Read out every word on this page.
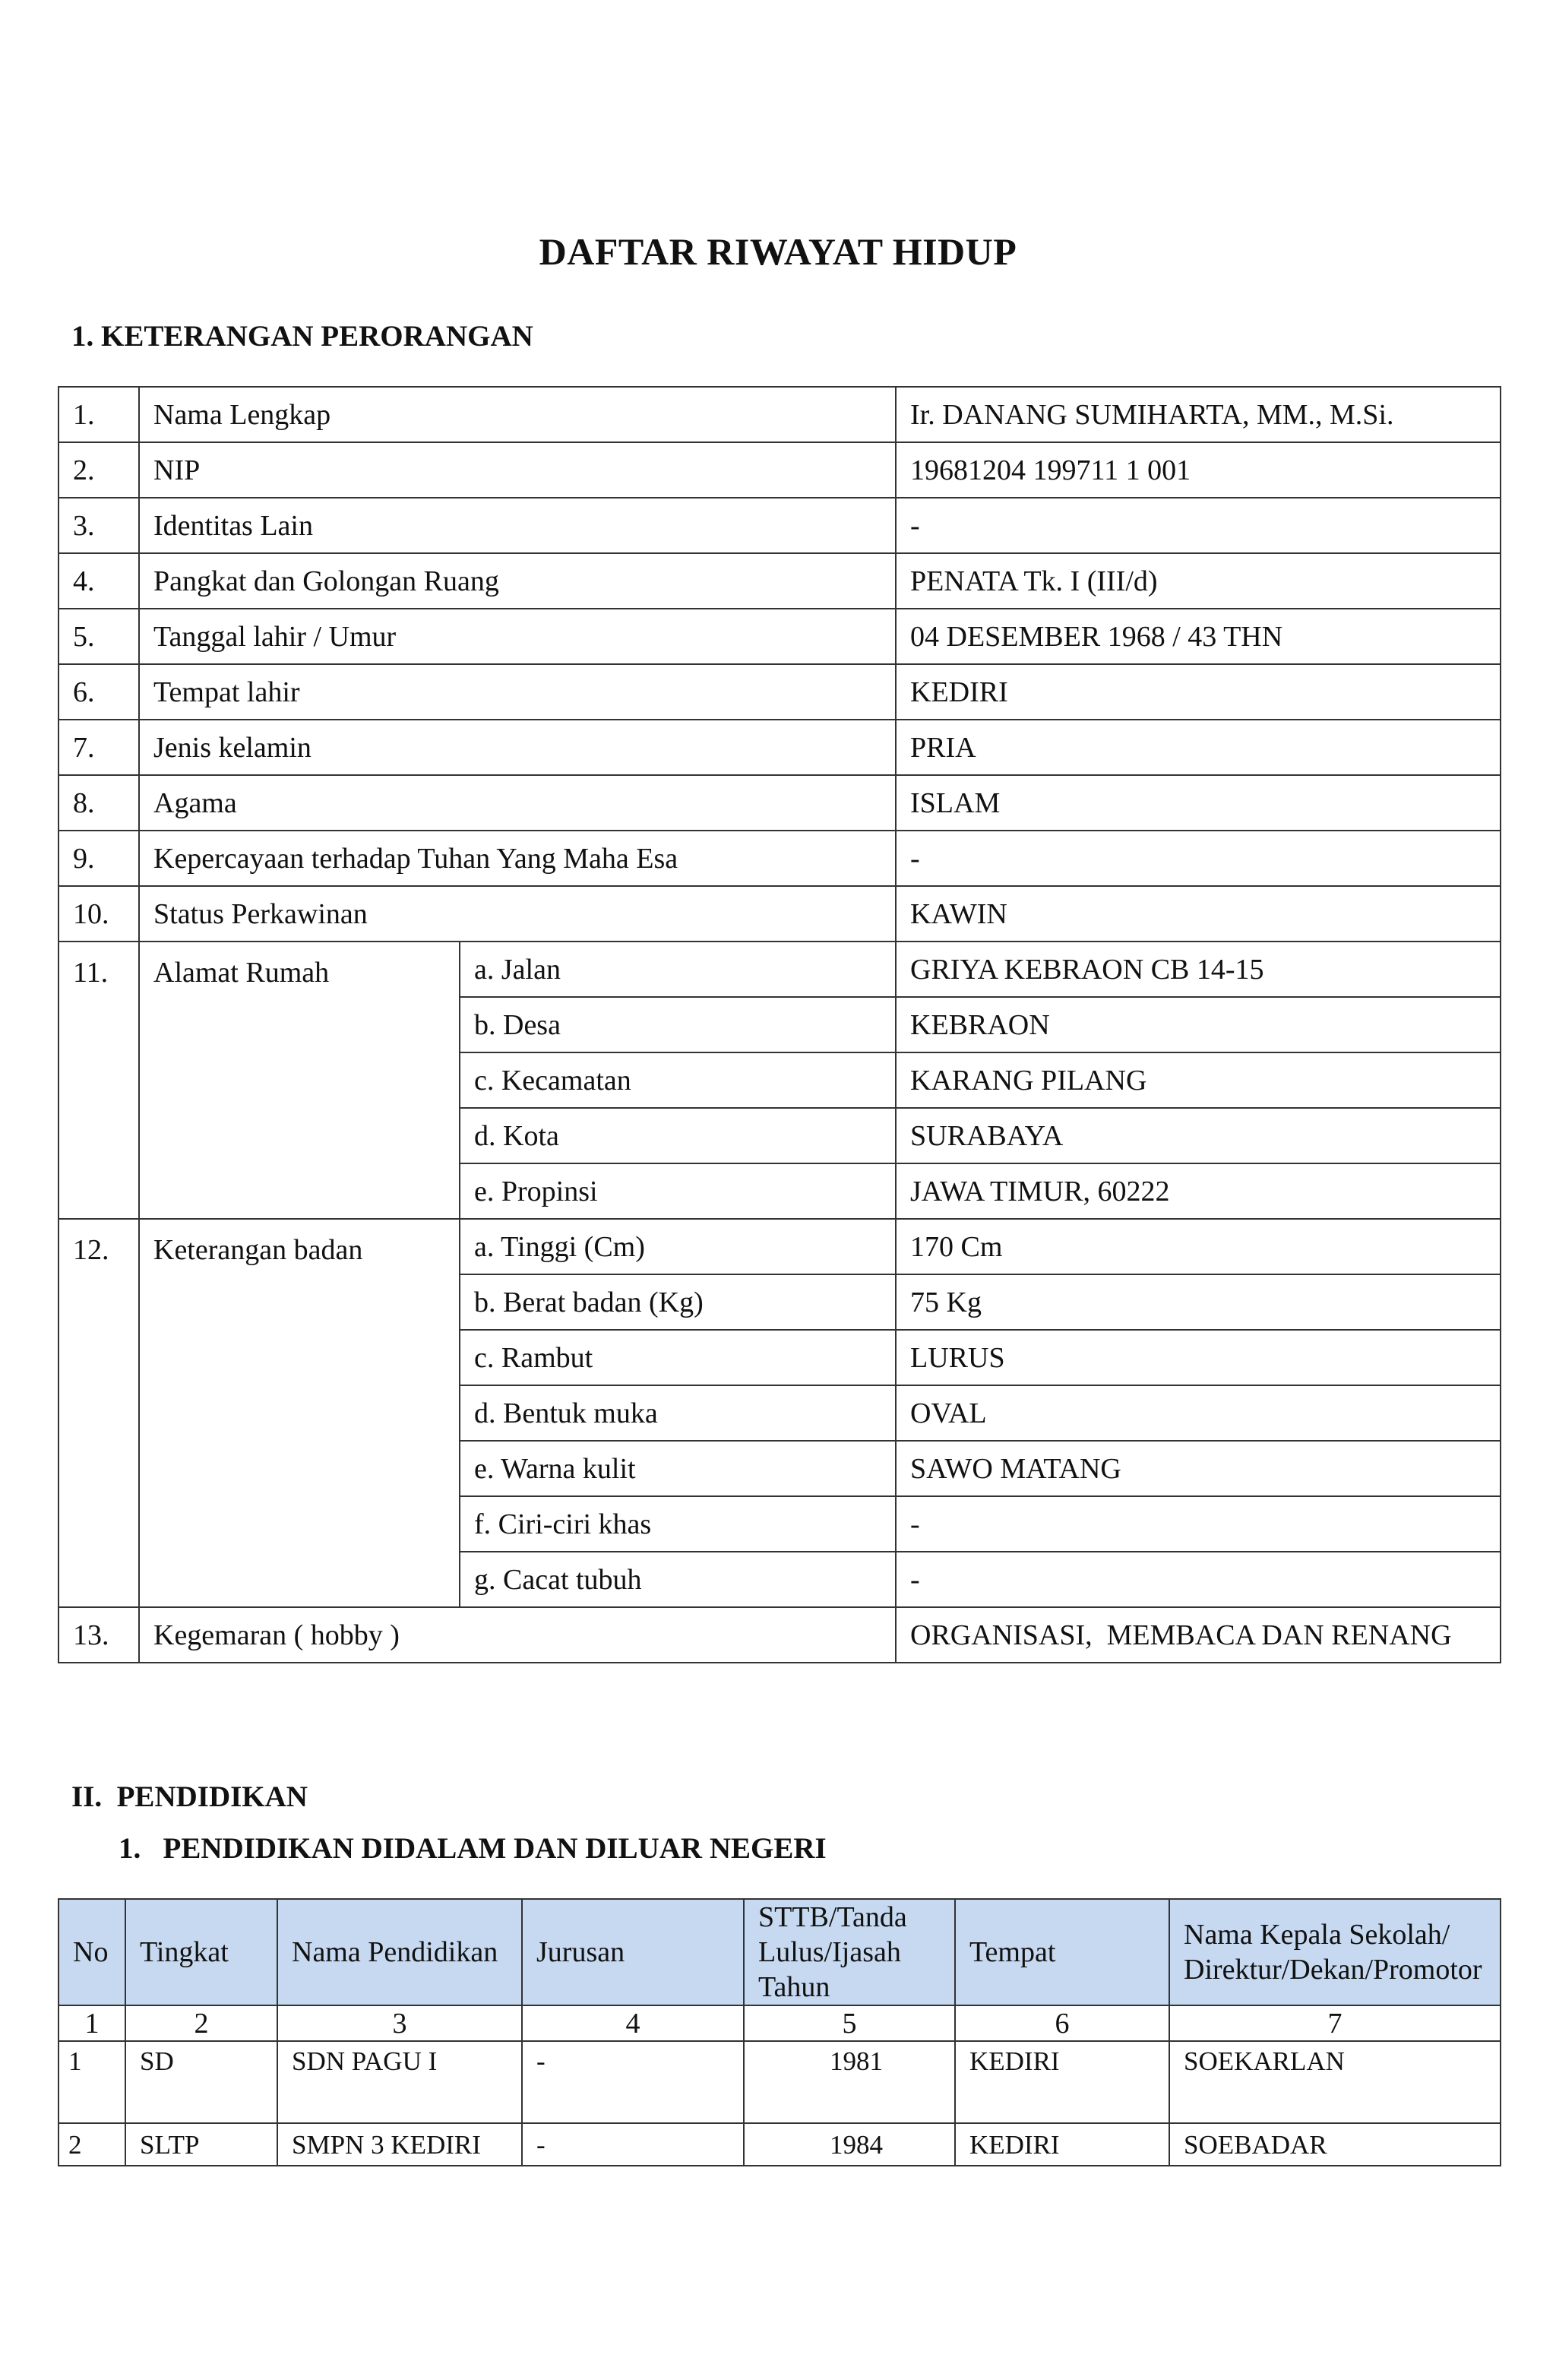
DAFTAR RIWAYAT HIDUP
1. KETERANGAN PERORANGAN
1.	Nama Lengkap		Ir. DANANG SUMIHARTA, MM., M.Si.
2.	NIP		19681204 199711 1 001
3.	Identitas Lain		-
4.	Pangkat dan Golongan Ruang		PENATA Tk. I (III/d)
5.	Tanggal lahir / Umur		04 DESEMBER 1968 / 43 THN
6.	Tempat lahir		KEDIRI
7.	Jenis kelamin		PRIA
8.	Agama		ISLAM
9.	Kepercayaan terhadap Tuhan Yang Maha Esa		-
10.	Status Perkawinan		KAWIN
11.	Alamat Rumah	a. Jalan	GRIYA KEBRAON CB 14-15
		b. Desa	KEBRAON
		c. Kecamatan	KARANG PILANG
		d. Kota	SURABAYA
		e. Propinsi	JAWA TIMUR, 60222
12.	Keterangan badan	a. Tinggi (Cm)	170 Cm
		b. Berat badan (Kg)	75 Kg
		c. Rambut	LURUS
		d. Bentuk muka	OVAL
		e. Warna kulit	SAWO MATANG
		f. Ciri-ciri khas	-
		g. Cacat tubuh	-
13.	Kegemaran ( hobby )		ORGANISASI,  MEMBACA DAN RENANG
II.  PENDIDIKAN
1.   PENDIDIKAN DIDALAM DAN DILUAR NEGERI
No	Tingkat	Nama Pendidikan	Jurusan	STTB/Tanda Lulus/Ijasah Tahun	Tempat	Nama Kepala Sekolah/ Direktur/Dekan/Promotor
1	2	3	4	5	6	7
1	SD	SDN PAGU I	-	1981	KEDIRI	SOEKARLAN
2	SLTP	SMPN 3 KEDIRI	-	1984	KEDIRI	SOEBADAR
